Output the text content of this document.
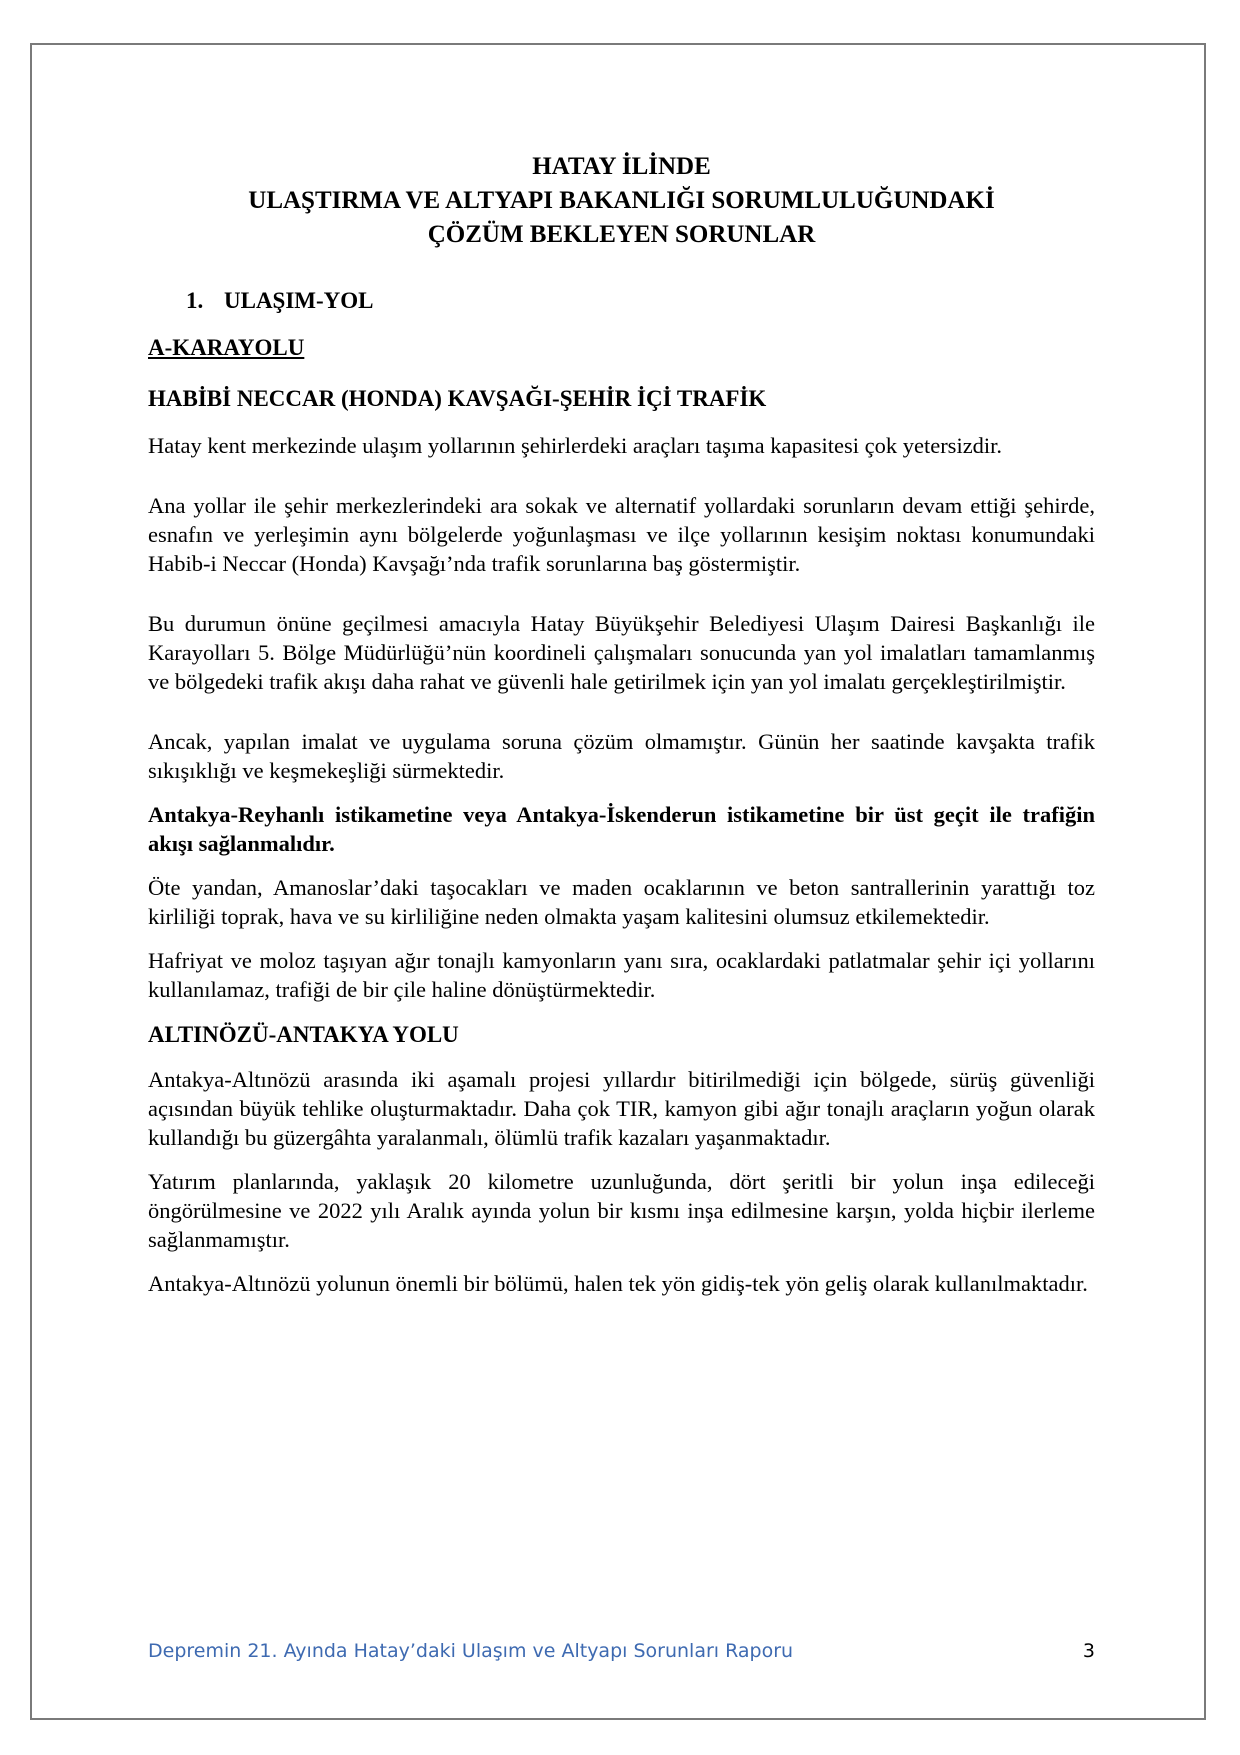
HATAY İLİNDE
ULAŞTIRMA VE ALTYAPI BAKANLIĞI SORUMLULUĞUNDAKİ
ÇÖZÜM BEKLEYEN SORUNLAR
1. ULAŞIM-YOL
A-KARAYOLU
HABİBİ NECCAR (HONDA) KAVŞAĞI-ŞEHİR İÇİ TRAFİK

Hatay kent merkezinde ulaşım yollarının şehirlerdeki araçları taşıma kapasitesi çok yetersizdir.

Ana yollar ile şehir merkezlerindeki ara sokak ve alternatif yollardaki sorunların devam ettiği şehirde, esnafın ve yerleşimin aynı bölgelerde yoğunlaşması ve ilçe yollarının kesişim noktası konumundaki Habib-i Neccar (Honda) Kavşağı’nda trafik sorunlarına baş göstermiştir.

Bu durumun önüne geçilmesi amacıyla Hatay Büyükşehir Belediyesi Ulaşım Dairesi Başkanlığı ile Karayolları 5. Bölge Müdürlüğü’nün koordineli çalışmaları sonucunda yan yol imalatları tamamlanmış ve bölgedeki trafik akışı daha rahat ve güvenli hale getirilmek için yan yol imalatı gerçekleştirilmiştir.

Ancak, yapılan imalat ve uygulama soruna çözüm olmamıştır. Günün her saatinde kavşakta trafik sıkışıklığı ve keşmekeşliği sürmektedir.

Antakya-Reyhanlı istikametine veya Antakya-İskenderun istikametine bir üst geçit ile trafiğin akışı sağlanmalıdır.

Öte yandan, Amanoslar’daki taşocakları ve maden ocaklarının ve beton santrallerinin yarattığı toz kirliliği toprak, hava ve su kirliliğine neden olmakta yaşam kalitesini olumsuz etkilemektedir.

Hafriyat ve moloz taşıyan ağır tonajlı kamyonların yanı sıra, ocaklardaki patlatmalar şehir içi yollarını kullanılamaz, trafiği de bir çile haline dönüştürmektedir.

ALTINÖZÜ-ANTAKYA YOLU

Antakya-Altınözü arasında iki aşamalı projesi yıllardır bitirilmediği için bölgede, sürüş güvenliği açısından büyük tehlike oluşturmaktadır. Daha çok TIR, kamyon gibi ağır tonajlı araçların yoğun olarak kullandığı bu güzergâhta yaralanmalı, ölümlü trafik kazaları yaşanmaktadır.

Yatırım planlarında, yaklaşık 20 kilometre uzunluğunda, dört şeritli bir yolun inşa edileceği öngörülmesine ve 2022 yılı Aralık ayında yolun bir kısmı inşa edilmesine karşın, yolda hiçbir ilerleme sağlanmamıştır.

Antakya-Altınözü yolunun önemli bir bölümü, halen tek yön gidiş-tek yön geliş olarak kullanılmaktadır.

Depremin 21. Ayında Hatay’daki Ulaşım ve Altyapı Sorunları Raporu	3
